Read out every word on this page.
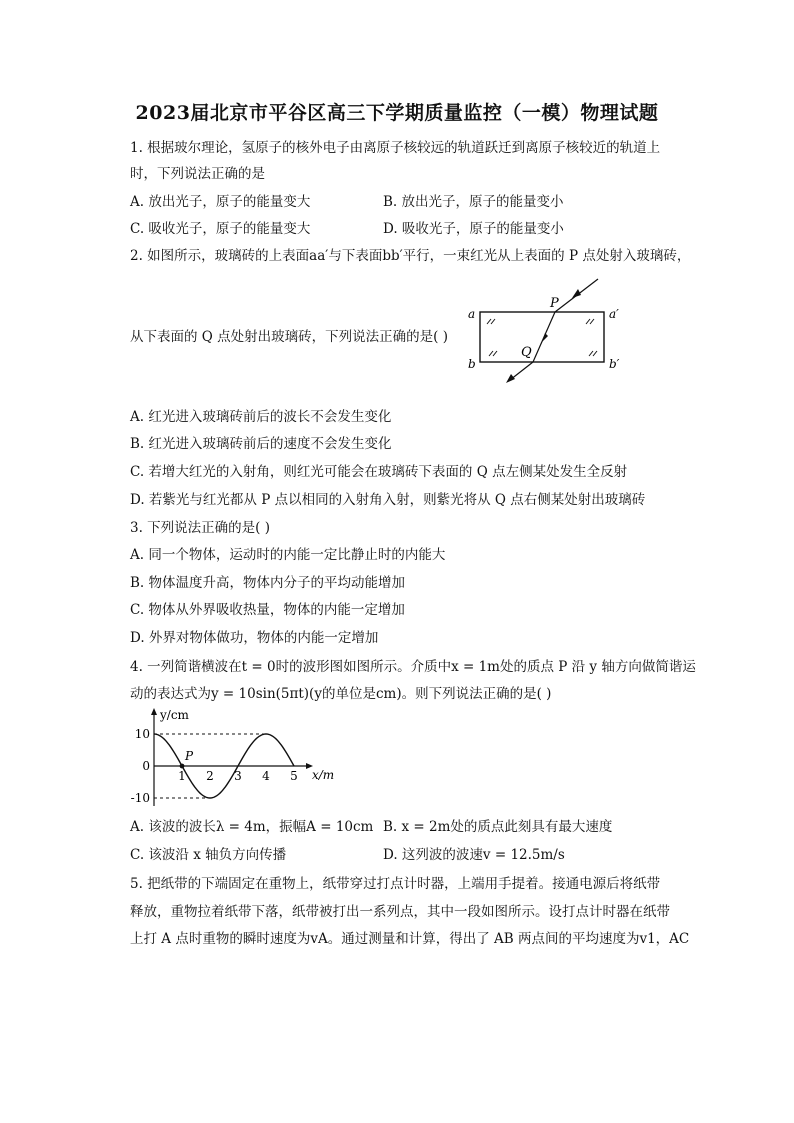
2023届北京市平谷区高三下学期质量监控（一模）物理试题
1. 根据玻尔理论，氢原子的核外电子由离原子核较远的轨道跃迁到离原子核较近的轨道上
时，下列说法正确的是
A. 放出光子，原子的能量变大	B. 放出光子，原子的能量变小
C. 吸收光子，原子的能量变大	D. 吸收光子，原子的能量变小
2. 如图所示，玻璃砖的上表面aa′与下表面bb′平行，一束红光从上表面的 P 点处射入玻璃砖，
从下表面的 Q 点处射出玻璃砖，下列说法正确的是( )
a	a′
b	b′
P
Q
A. 红光进入玻璃砖前后的波长不会发生变化
B. 红光进入玻璃砖前后的速度不会发生变化
C. 若增大红光的入射角，则红光可能会在玻璃砖下表面的 Q 点左侧某处发生全反射
D. 若紫光与红光都从 P 点以相同的入射角入射，则紫光将从 Q 点右侧某处射出玻璃砖
3. 下列说法正确的是( )
A. 同一个物体，运动时的内能一定比静止时的内能大
B. 物体温度升高，物体内分子的平均动能增加
C. 物体从外界吸收热量，物体的内能一定增加
D. 外界对物体做功，物体的内能一定增加
4. 一列简谐横波在t = 0时的波形图如图所示。介质中x = 1m处的质点 P 沿 y 轴方向做简谐运
动的表达式为y = 10sin(5πt)(y的单位是cm)。则下列说法正确的是( )
P
y/cm
x/m
10
0
-10
1 2 3 4 5
A. 该波的波长λ = 4m，振幅A = 10cm B. x = 2m处的质点此刻具有最大速度
C. 该波沿 x 轴负方向传播	D. 这列波的波速v = 12.5m/s
5. 把纸带的下端固定在重物上，纸带穿过打点计时器，上端用手提着。接通电源后将纸带
释放，重物拉着纸带下落，纸带被打出一系列点，其中一段如图所示。设打点计时器在纸带
上打 A 点时重物的瞬时速度为vA。通过测量和计算，得出了 AB 两点间的平均速度为v1，AC
